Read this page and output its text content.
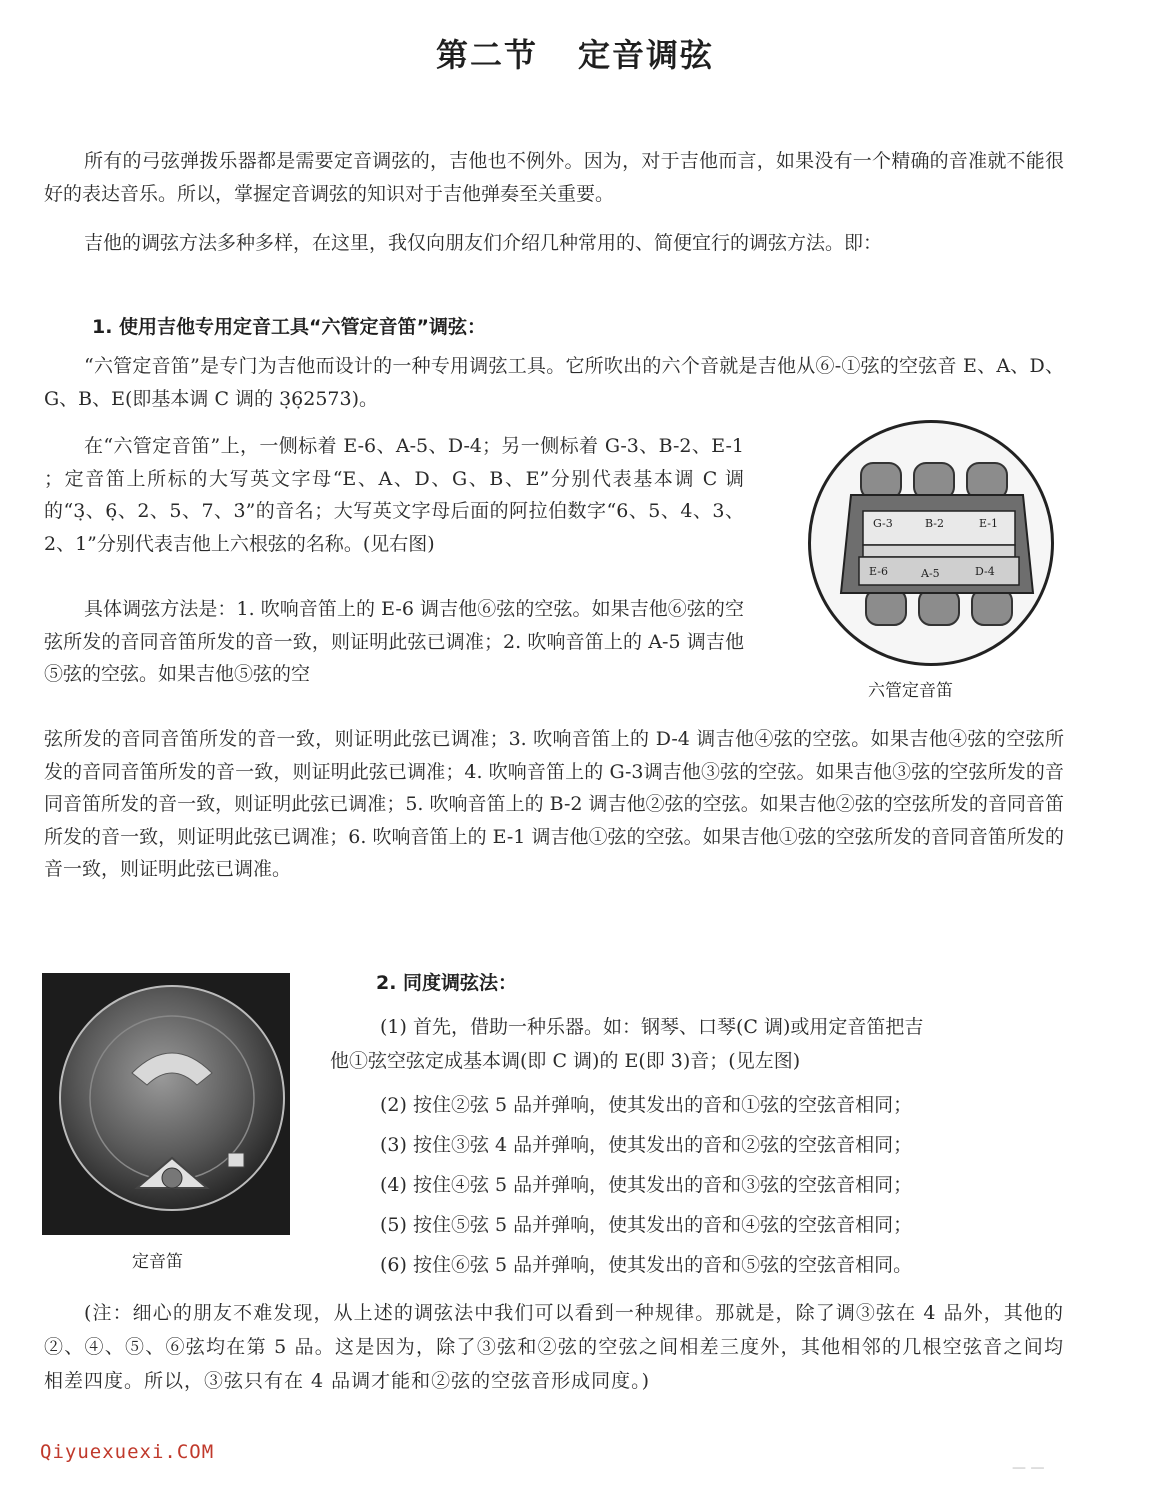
第二节 定音调弦
所有的弓弦弹拨乐器都是需要定音调弦的，吉他也不例外。因为，对于吉他而言，如果没有一个精确的音准就不能很好的表达音乐。所以，掌握定音调弦的知识对于吉他弹奏至关重要。
吉他的调弦方法多种多样，在这里，我仅向朋友们介绍几种常用的、简便宜行的调弦方法。即：
1. 使用吉他专用定音工具“六管定音笛”调弦：
“六管定音笛”是专门为吉他而设计的一种专用调弦工具。它所吹出的六个音就是吉他从⑥-①弦的空弦音 E、A、D、G、B、E(即基本调 C 调的 3̣6̣2573̇)。
在“六管定音笛”上，一侧标着 E-6、A-5、D-4；另一侧标着 G-3、B-2、E-1 ；定音笛上所标的大写英文字母“E、A、D、G、B、E”分别代表基本调 C 调的“3̣、6̣、2、5、7、3̇”的音名；大写英文字母后面的阿拉伯数字“6、5、4、3、2、1”分别代表吉他上六根弦的名称。(见右图)
具体调弦方法是：1. 吹响音笛上的 E-6 调吉他⑥弦的空弦。如果吉他⑥弦的空弦所发的音同音笛所发的音一致，则证明此弦已调准；2. 吹响音笛上的 A-5 调吉他⑤弦的空弦。如果吉他⑤弦的空
弦所发的音同音笛所发的音一致，则证明此弦已调准；3. 吹响音笛上的 D-4 调吉他④弦的空弦。如果吉他④弦的空弦所发的音同音笛所发的音一致，则证明此弦已调准；4. 吹响音笛上的 G-3调吉他③弦的空弦。如果吉他③弦的空弦所发的音同音笛所发的音一致，则证明此弦已调准；5. 吹响音笛上的 B-2 调吉他②弦的空弦。如果吉他②弦的空弦所发的音同音笛所发的音一致，则证明此弦已调准；6. 吹响音笛上的 E-1 调吉他①弦的空弦。如果吉他①弦的空弦所发的音同音笛所发的音一致，则证明此弦已调准。
G-3	B-2	E-1
E-6	A-5	D-4
六管定音笛
2. 同度调弦法：
(1) 首先，借助一种乐器。如：钢琴、口琴(C 调)或用定音笛把吉
他①弦空弦定成基本调(即 C 调)的 E(即 3̇)音；(见左图)
(2) 按住②弦 5 品并弹响，使其发出的音和①弦的空弦音相同；
(3) 按住③弦 4 品并弹响，使其发出的音和②弦的空弦音相同；
(4) 按住④弦 5 品并弹响，使其发出的音和③弦的空弦音相同；
(5) 按住⑤弦 5 品并弹响，使其发出的音和④弦的空弦音相同；
(6) 按住⑥弦 5 品并弹响，使其发出的音和⑤弦的空弦音相同。
定音笛
(注：细心的朋友不难发现，从上述的调弦法中我们可以看到一种规律。那就是，除了调③弦在 4 品外，其他的②、④、⑤、⑥弦均在第 5 品。这是因为，除了③弦和②弦的空弦之间相差三度外，其他相邻的几根空弦音之间均相差四度。所以，③弦只有在 4 品调才能和②弦的空弦音形成同度。)
Qiyuexuexi.COM
— —
